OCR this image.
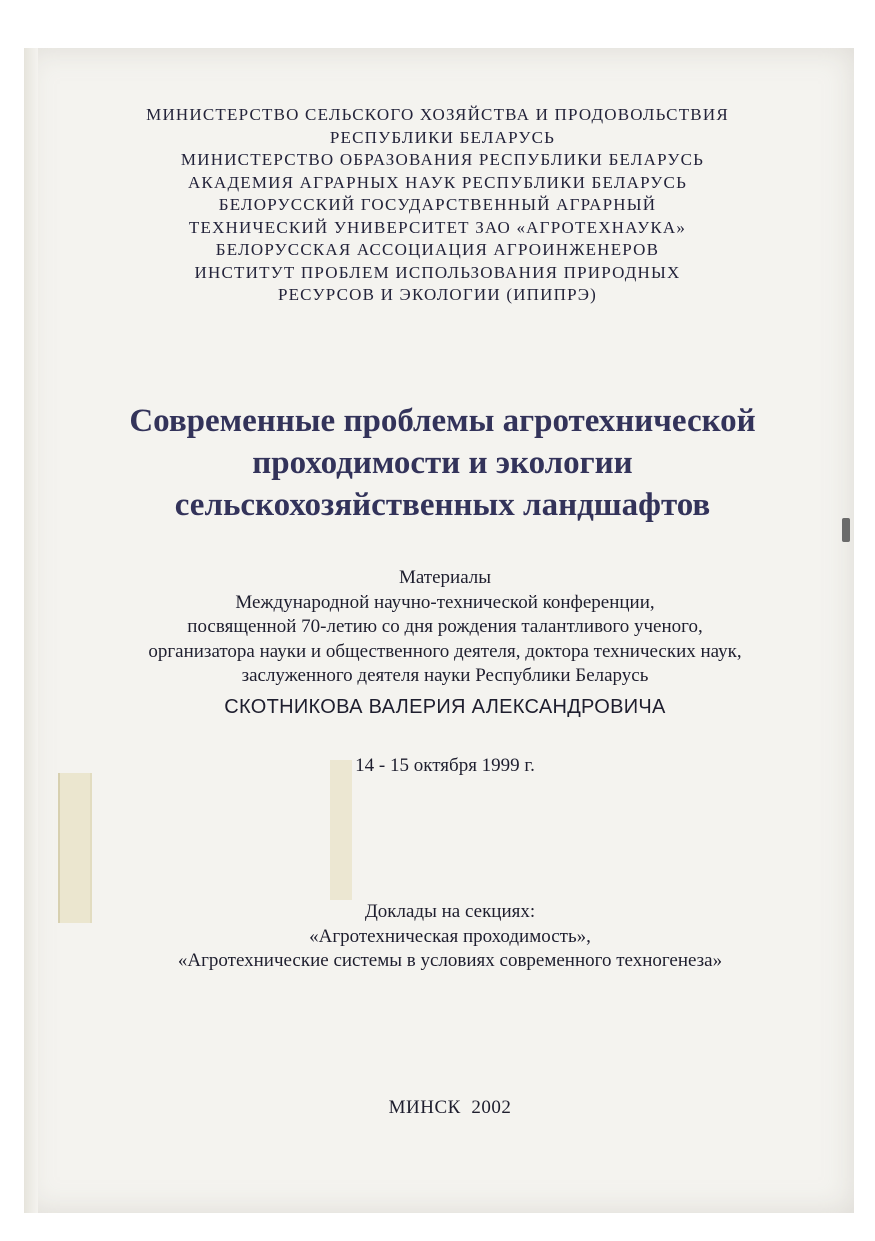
МИНИСТЕРСТВО СЕЛЬСКОГО ХОЗЯЙСТВА И ПРОДОВОЛЬСТВИЯ
РЕСПУБЛИКИ БЕЛАРУСЬ
МИНИСТЕРСТВО ОБРАЗОВАНИЯ РЕСПУБЛИКИ БЕЛАРУСЬ
АКАДЕМИЯ АГРАРНЫХ НАУК РЕСПУБЛИКИ БЕЛАРУСЬ
БЕЛОРУССКИЙ ГОСУДАРСТВЕННЫЙ АГРАРНЫЙ
ТЕХНИЧЕСКИЙ УНИВЕРСИТЕТ ЗАО «АГРОТЕХНАУКА»
БЕЛОРУССКАЯ АССОЦИАЦИЯ АГРОИНЖЕНЕРОВ
ИНСТИТУТ ПРОБЛЕМ ИСПОЛЬЗОВАНИЯ ПРИРОДНЫХ
РЕСУРСОВ И ЭКОЛОГИИ (ИПИПРЭ)
Современные проблемы агротехнической
проходимости и экологии
сельскохозяйственных ландшафтов
Материалы
Международной научно-технической конференции,
посвященной 70-летию со дня рождения талантливого ученого,
организатора науки и общественного деятеля, доктора технических наук,
заслуженного деятеля науки Республики Беларусь
СКОТНИКОВА ВАЛЕРИЯ АЛЕКСАНДРОВИЧА
14 - 15 октября 1999 г.
Доклады на секциях:
«Агротехническая проходимость»,
«Агротехнические системы в условиях современного техногенеза»
МИНСК  2002
